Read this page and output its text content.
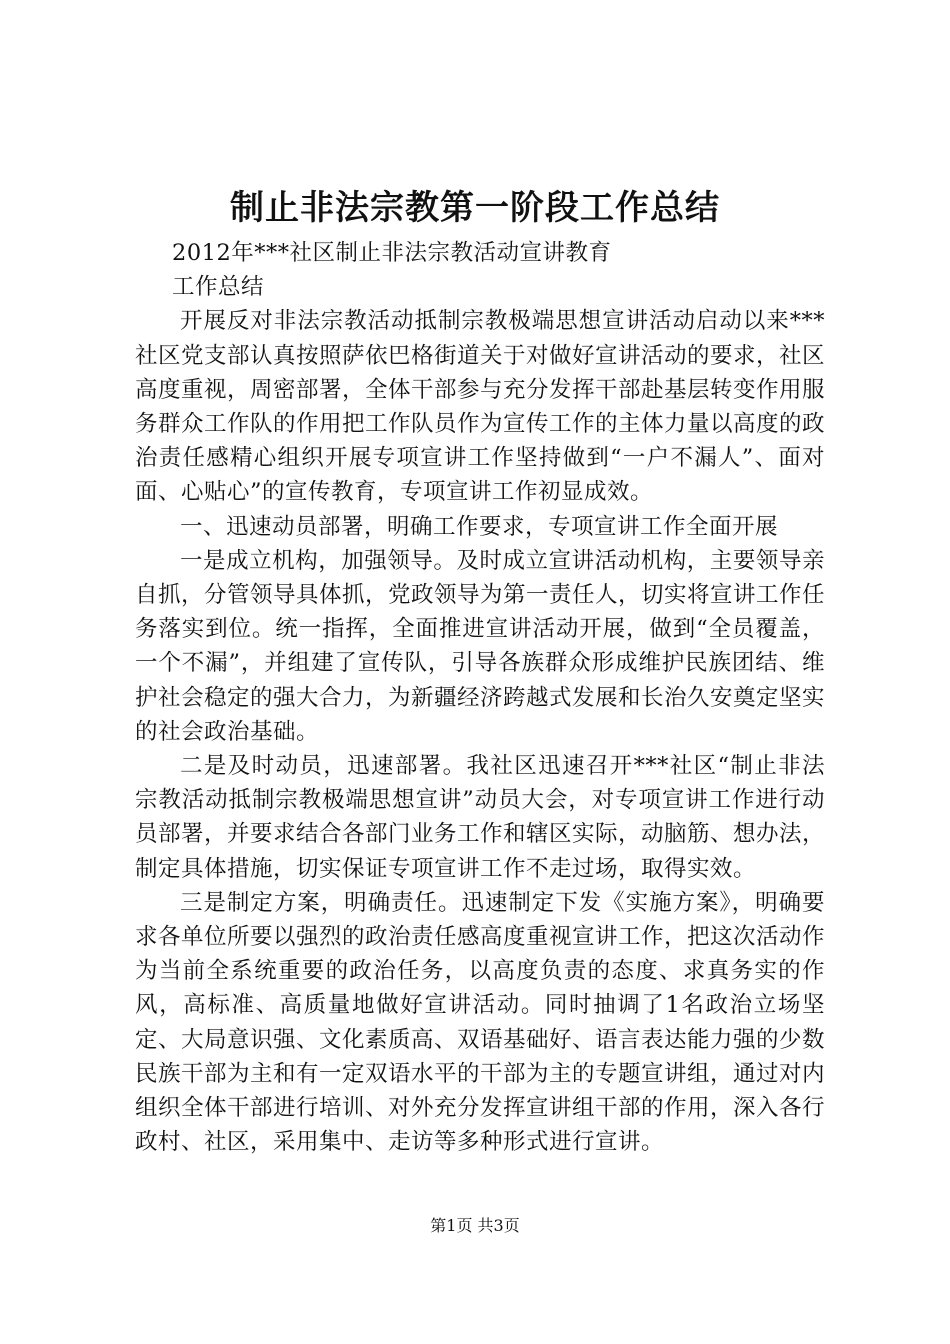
制止非法宗教第一阶段工作总结

2012年***社区制止非法宗教活动宣讲教育

工作总结

开展反对非法宗教活动抵制宗教极端思想宣讲活动启动以来***社区党支部认真按照萨依巴格街道关于对做好宣讲活动的要求，社区高度重视，周密部署，全体干部参与充分发挥干部赴基层转变作用服务群众工作队的作用把工作队员作为宣传工作的主体力量以高度的政治责任感精心组织开展专项宣讲工作坚持做到“一户不漏人”、面对面、心贴心”的宣传教育，专项宣讲工作初显成效。

一、迅速动员部署，明确工作要求，专项宣讲工作全面开展

一是成立机构，加强领导。及时成立宣讲活动机构，主要领导亲自抓，分管领导具体抓，党政领导为第一责任人，切实将宣讲工作任务落实到位。统一指挥，全面推进宣讲活动开展，做到“全员覆盖，一个不漏”，并组建了宣传队，引导各族群众形成维护民族团结、维护社会稳定的强大合力，为新疆经济跨越式发展和长治久安奠定坚实的社会政治基础。

二是及时动员，迅速部署。我社区迅速召开***社区“制止非法宗教活动抵制宗教极端思想宣讲”动员大会，对专项宣讲工作进行动员部署，并要求结合各部门业务工作和辖区实际，动脑筋、想办法，制定具体措施，切实保证专项宣讲工作不走过场，取得实效。

三是制定方案，明确责任。迅速制定下发《实施方案》，明确要求各单位所要以强烈的政治责任感高度重视宣讲工作，把这次活动作为当前全系统重要的政治任务，以高度负责的态度、求真务实的作风，高标准、高质量地做好宣讲活动。同时抽调了1名政治立场坚定、大局意识强、文化素质高、双语基础好、语言表达能力强的少数民族干部为主和有一定双语水平的干部为主的专题宣讲组，通过对内组织全体干部进行培训、对外充分发挥宣讲组干部的作用，深入各行政村、社区，采用集中、走访等多种形式进行宣讲。

第1页 共3页
